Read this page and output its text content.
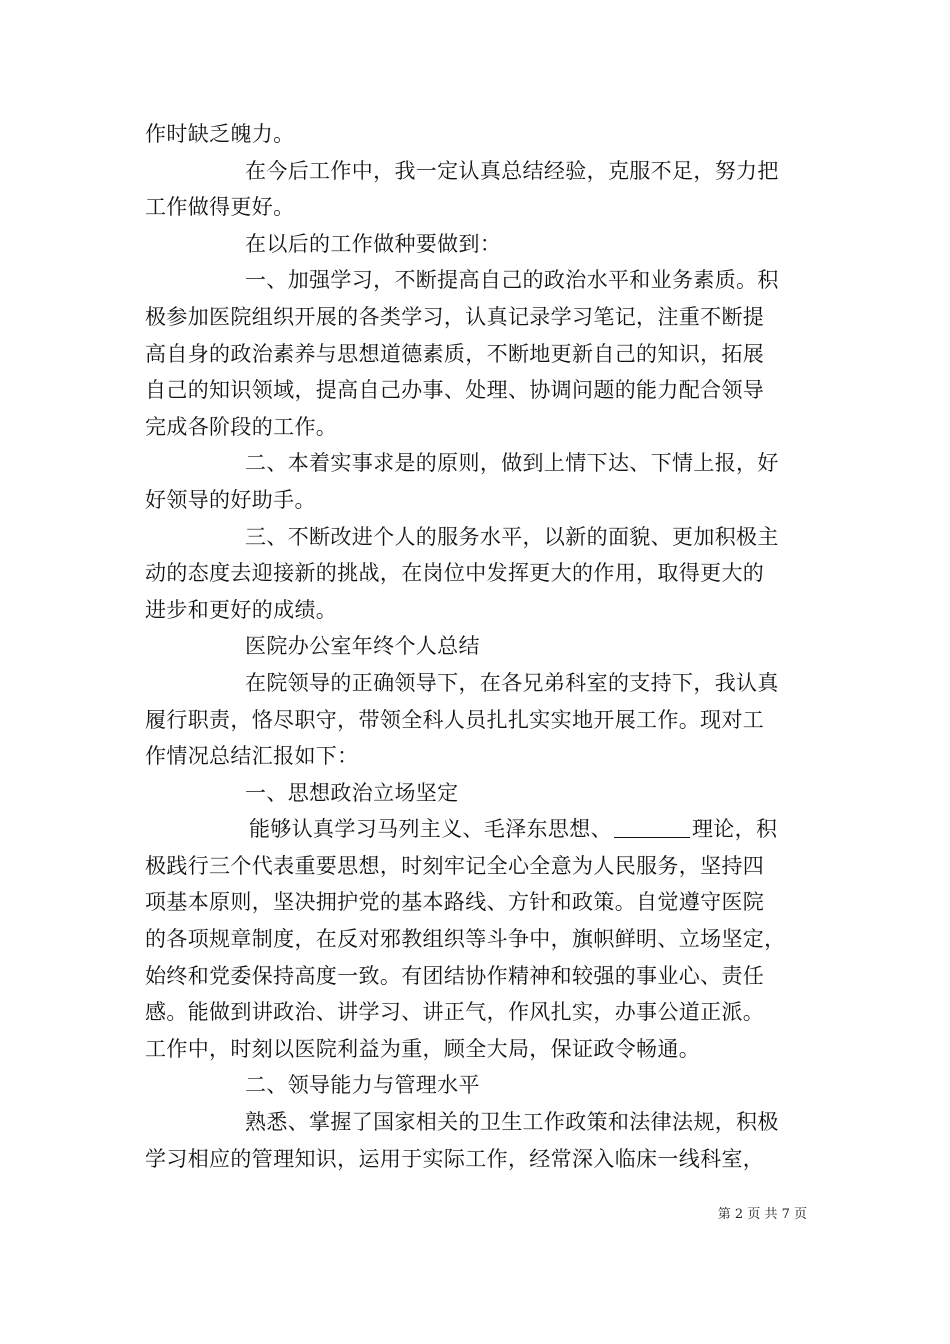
作时缺乏魄力。
在今后工作中，我一定认真总结经验，克服不足，努力把
工作做得更好。
在以后的工作做种要做到：
一、加强学习，不断提高自己的政治水平和业务素质。积
极参加医院组织开展的各类学习，认真记录学习笔记，注重不断提
高自身的政治素养与思想道德素质，不断地更新自己的知识，拓展
自己的知识领域，提高自己办事、处理、协调问题的能力配合领导
完成各阶段的工作。
二、本着实事求是的原则，做到上情下达、下情上报，好
好领导的好助手。
三、不断改进个人的服务水平，以新的面貌、更加积极主
动的态度去迎接新的挑战，在岗位中发挥更大的作用，取得更大的
进步和更好的成绩。
医院办公室年终个人总结
在院领导的正确领导下，在各兄弟科室的支持下，我认真
履行职责，恪尽职守，带领全科人员扎扎实实地开展工作。现对工
作情况总结汇报如下：
一、思想政治立场坚定
能够认真学习马列主义、毛泽东思想、	理论，积
极践行三个代表重要思想，时刻牢记全心全意为人民服务，坚持四
项基本原则，坚决拥护党的基本路线、方针和政策。自觉遵守医院
的各项规章制度，在反对邪教组织等斗争中，旗帜鲜明、立场坚定，
始终和党委保持高度一致。有团结协作精神和较强的事业心、责任
感。能做到讲政治、讲学习、讲正气，作风扎实，办事公道正派。
工作中，时刻以医院利益为重，顾全大局，保证政令畅通。
二、领导能力与管理水平
熟悉、掌握了国家相关的卫生工作政策和法律法规，积极
学习相应的管理知识，运用于实际工作，经常深入临床一线科室，
第 2 页 共 7 页
